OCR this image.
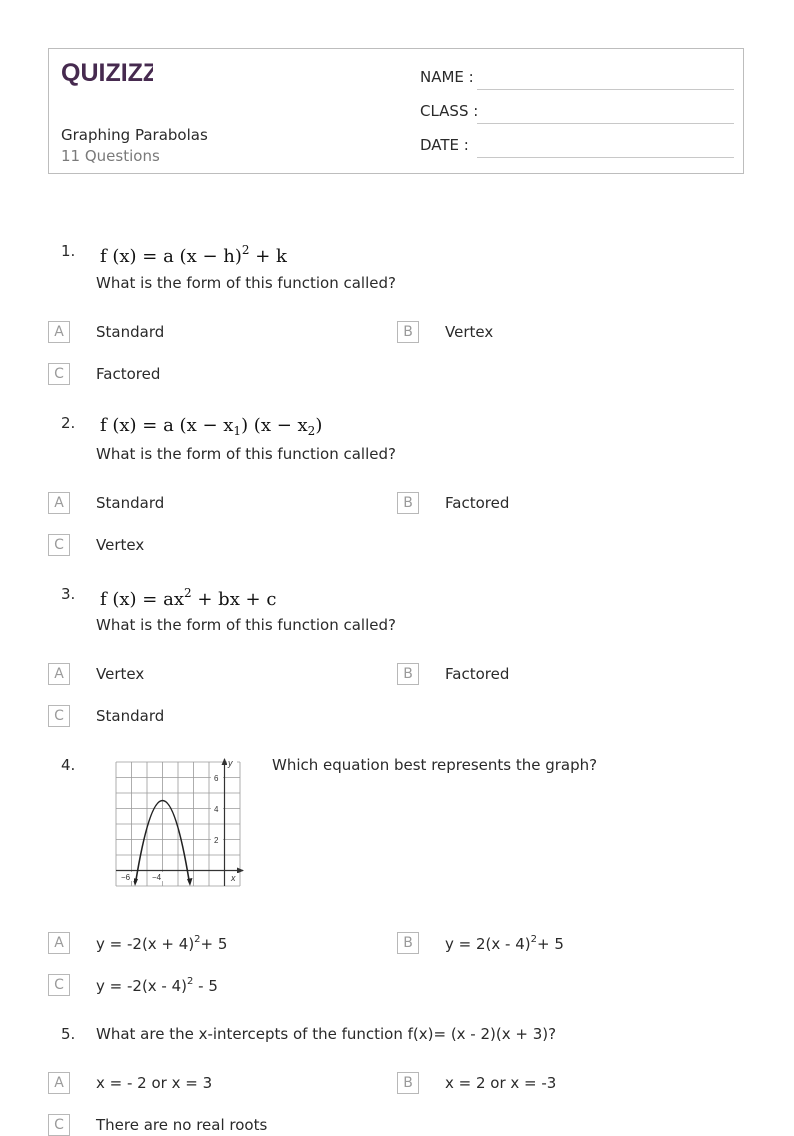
QUIZIZZ
Graphing Parabolas
11 Questions
NAME :
CLASS :
DATE :
1. f (x) = a $(x - h)^2 + k$
What is the form of this function called?
A	Standard	B	Vertex
C	Factored
2. f (x) = a $(x - x_1)$ $(x - x_2)$
What is the form of this function called?
A	Standard	B	Factored
C	Vertex
3. f $(x) = ax^2$ + bx + c
What is the form of this function called?
A	Vertex	B	Factored
C	Standard
4.	y
x
6
4
2
−6	−4
Which equation best represents the graph?
A	$y = -2(x + 4)^2+ 5$	B	y = 2(x - 4)$^2$+ 5
C	y = -2(x - 4)$^2$ - 5
5. What are the x-intercepts of the function f(x)= (x - 2)(x + 3)?
A	x = - 2 or x = 3	B	x = 2 or x = -3
C	There are no real roots
